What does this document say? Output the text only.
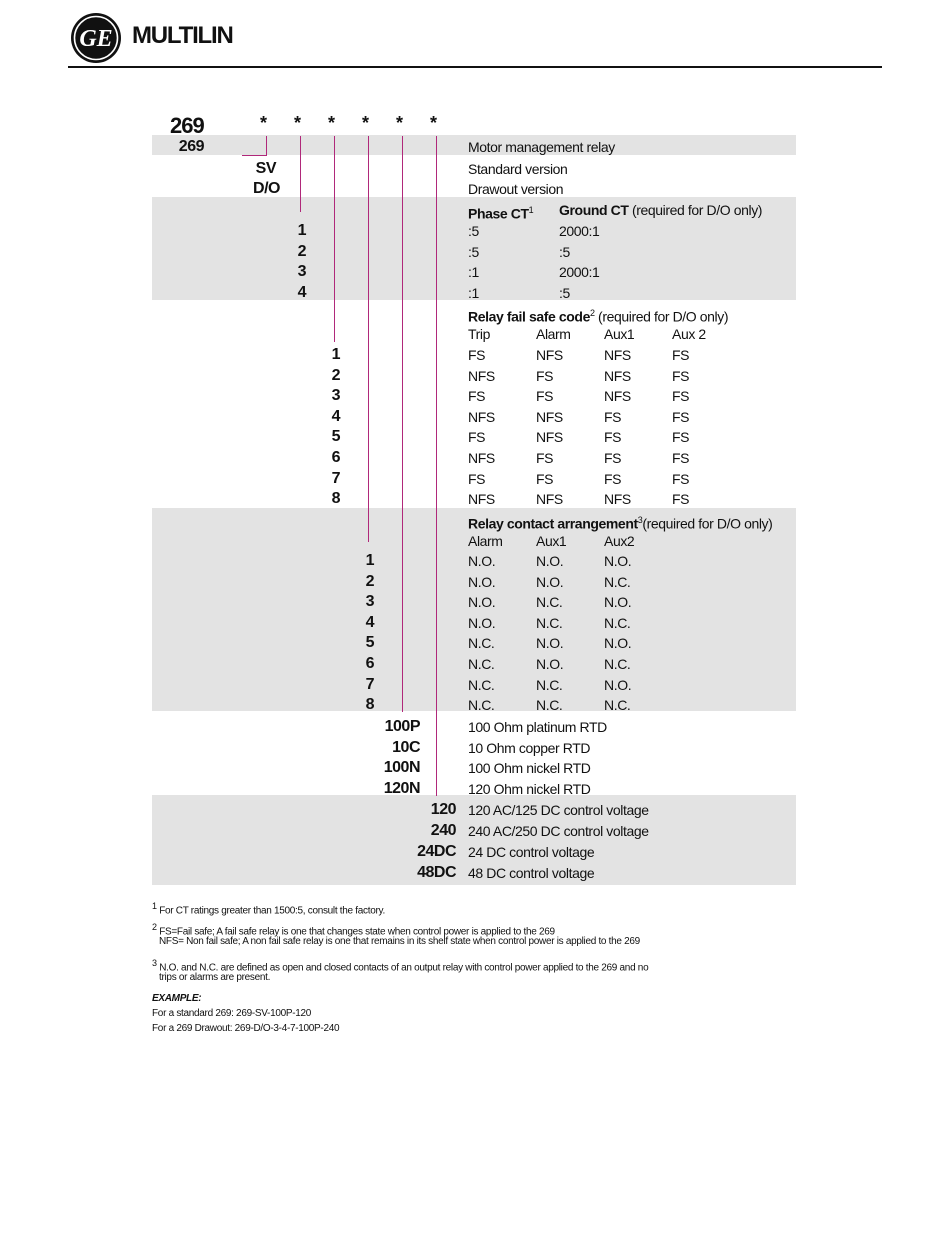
GE MULTILIN
269	* * * * * *
269	Motor management relay
SV	Standard version
D/O	Drawout version
Phase $CT^1$ Ground CT (required for D/O only)
1	:5	2000:1
2	:5	:5
3	:1	2000:1
4	:1	:5
Relay fail safe code$^2$ (required for D/O only)
Trip	Alarm Aux1	Aux 2
1	FS	NFS	NFS	FS
2	NFS	FS	NFS	FS
3	FS	FS	NFS	FS
4	NFS	NFS	FS	FS
5	FS	NFS	FS	FS
6	NFS	FS	FS	FS
7	FS	FS	FS	FS
8	NFS	NFS	NFS	FS
Relay contact arrangement$^3$(required for D/O only)
Alarm Aux1	Aux2
1	N.O.	N.O.	N.O.
2	N.O.	N.O.	N.C.
3	N.O.	N.C.	N.O.
4	N.O.	N.C.	N.C.
5	N.C.	N.O.	N.O.
6	N.C.	N.O.	N.C.
7	N.C.	N.C.	N.O.
8	N.C.	N.C.	N.C.
100P	100 Ohm platinum RTD
10C	10 Ohm copper RTD
100N	100 Ohm nickel RTD
120N	120 Ohm nickel RTD
120 120 AC/125 DC control voltage
240 240 AC/250 DC control voltage
24DC 24 DC control voltage
48DC 48 DC control voltage
1 For CT ratings greater than 1500:5, consult the factory.
2 FS=Fail safe; A fail safe relay is one that changes state when control power is applied to the 269
NFS= Non fail safe; A non fail safe relay is one that remains in its shelf state when control power is applied to the 269
3 N.O. and N.C. are defined as open and closed contacts of an output relay with control power applied to the 269 and no
trips or alarms are present.
EXAMPLE:
For a standard 269: 269-SV-100P-120
For a 269 Drawout: 269-D/O-3-4-7-100P-240
